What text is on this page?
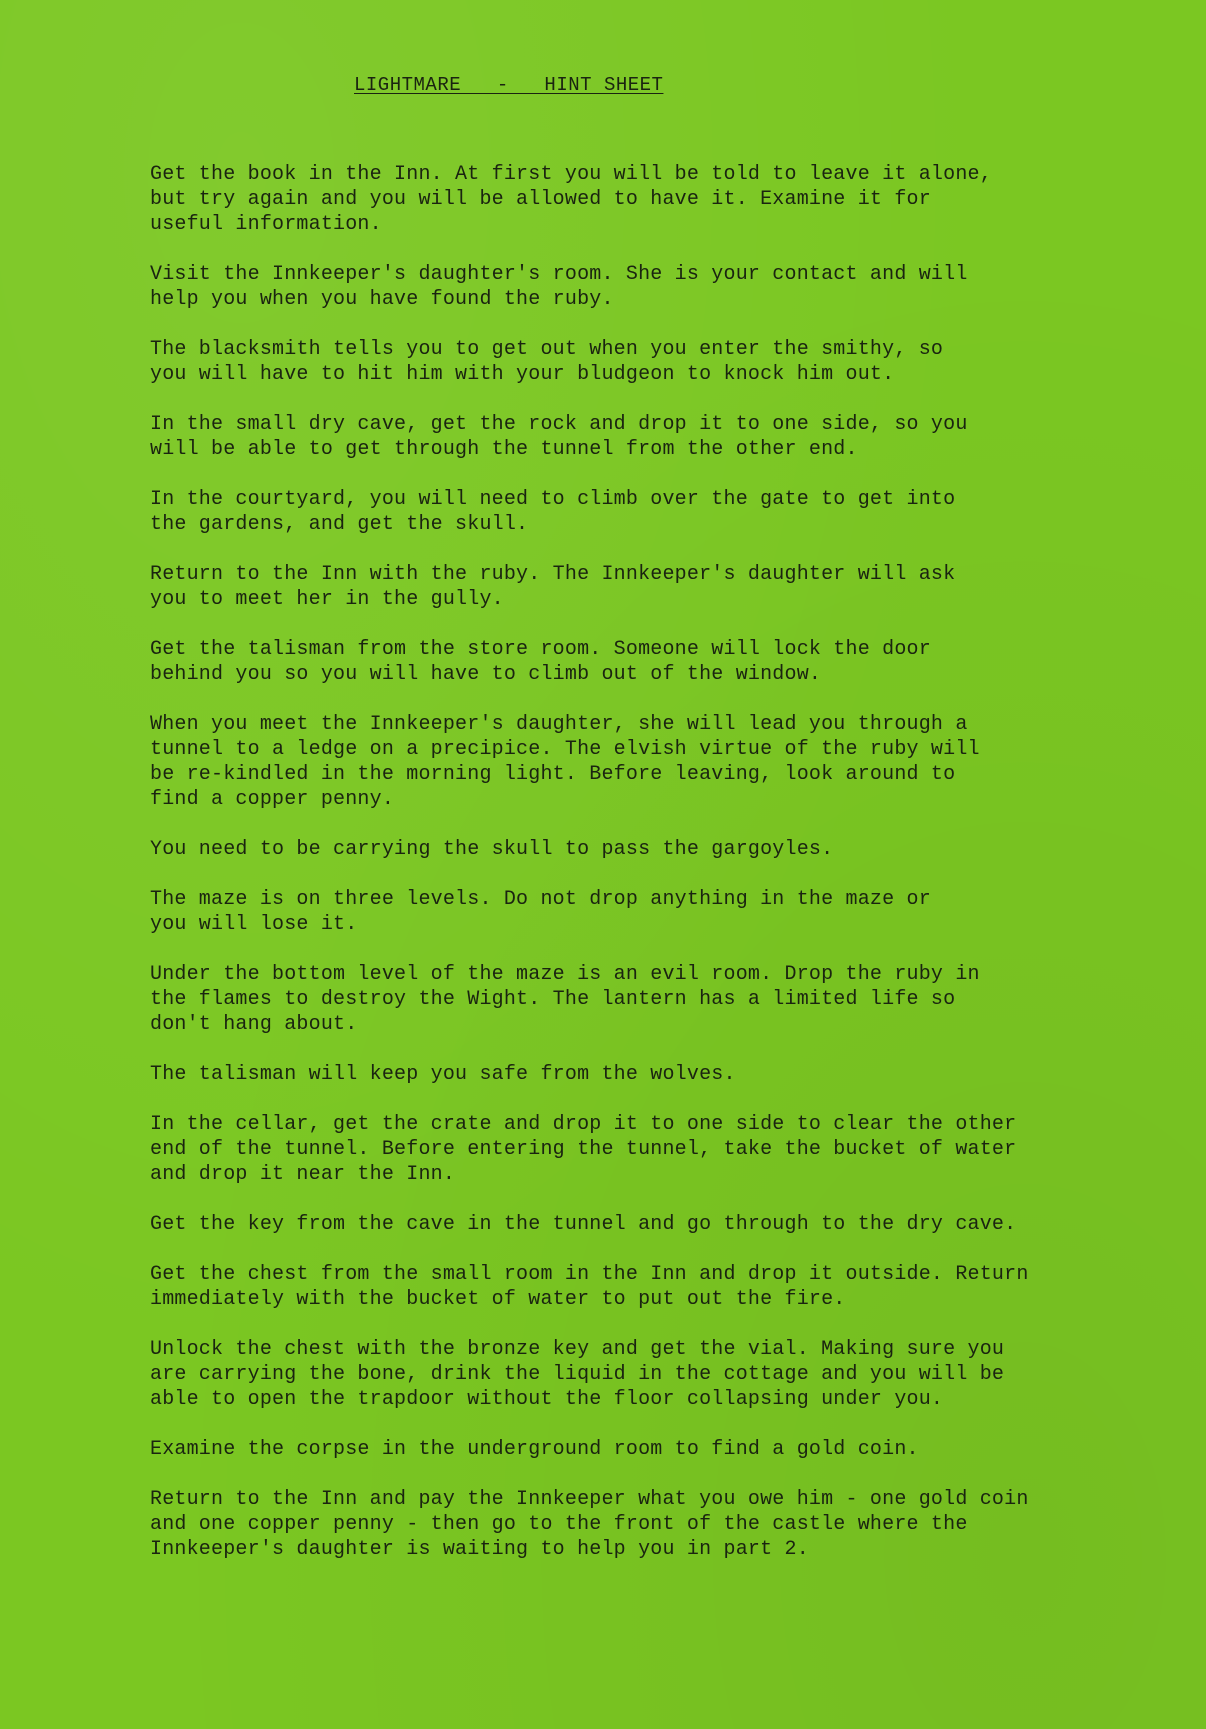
LIGHTMARE   -   HINT SHEET

Get the book in the Inn. At first you will be told to leave it alone,
but try again and you will be allowed to have it. Examine it for
useful information.

Visit the Innkeeper's daughter's room. She is your contact and will
help you when you have found the ruby.

The blacksmith tells you to get out when you enter the smithy, so
you will have to hit him with your bludgeon to knock him out.

In the small dry cave, get the rock and drop it to one side, so you
will be able to get through the tunnel from the other end.

In the courtyard, you will need to climb over the gate to get into
the gardens, and get the skull.

Return to the Inn with the ruby. The Innkeeper's daughter will ask
you to meet her in the gully.

Get the talisman from the store room. Someone will lock the door
behind you so you will have to climb out of the window.

When you meet the Innkeeper's daughter, she will lead you through a
tunnel to a ledge on a precipice. The elvish virtue of the ruby will
be re-kindled in the morning light. Before leaving, look around to
find a copper penny.

You need to be carrying the skull to pass the gargoyles.

The maze is on three levels. Do not drop anything in the maze or
you will lose it.

Under the bottom level of the maze is an evil room. Drop the ruby in
the flames to destroy the Wight. The lantern has a limited life so
don't hang about.

The talisman will keep you safe from the wolves.

In the cellar, get the crate and drop it to one side to clear the other
end of the tunnel. Before entering the tunnel, take the bucket of water
and drop it near the Inn.

Get the key from the cave in the tunnel and go through to the dry cave.

Get the chest from the small room in the Inn and drop it outside. Return
immediately with the bucket of water to put out the fire.

Unlock the chest with the bronze key and get the vial. Making sure you
are carrying the bone, drink the liquid in the cottage and you will be
able to open the trapdoor without the floor collapsing under you.

Examine the corpse in the underground room to find a gold coin.

Return to the Inn and pay the Innkeeper what you owe him - one gold coin
and one copper penny - then go to the front of the castle where the
Innkeeper's daughter is waiting to help you in part 2.
